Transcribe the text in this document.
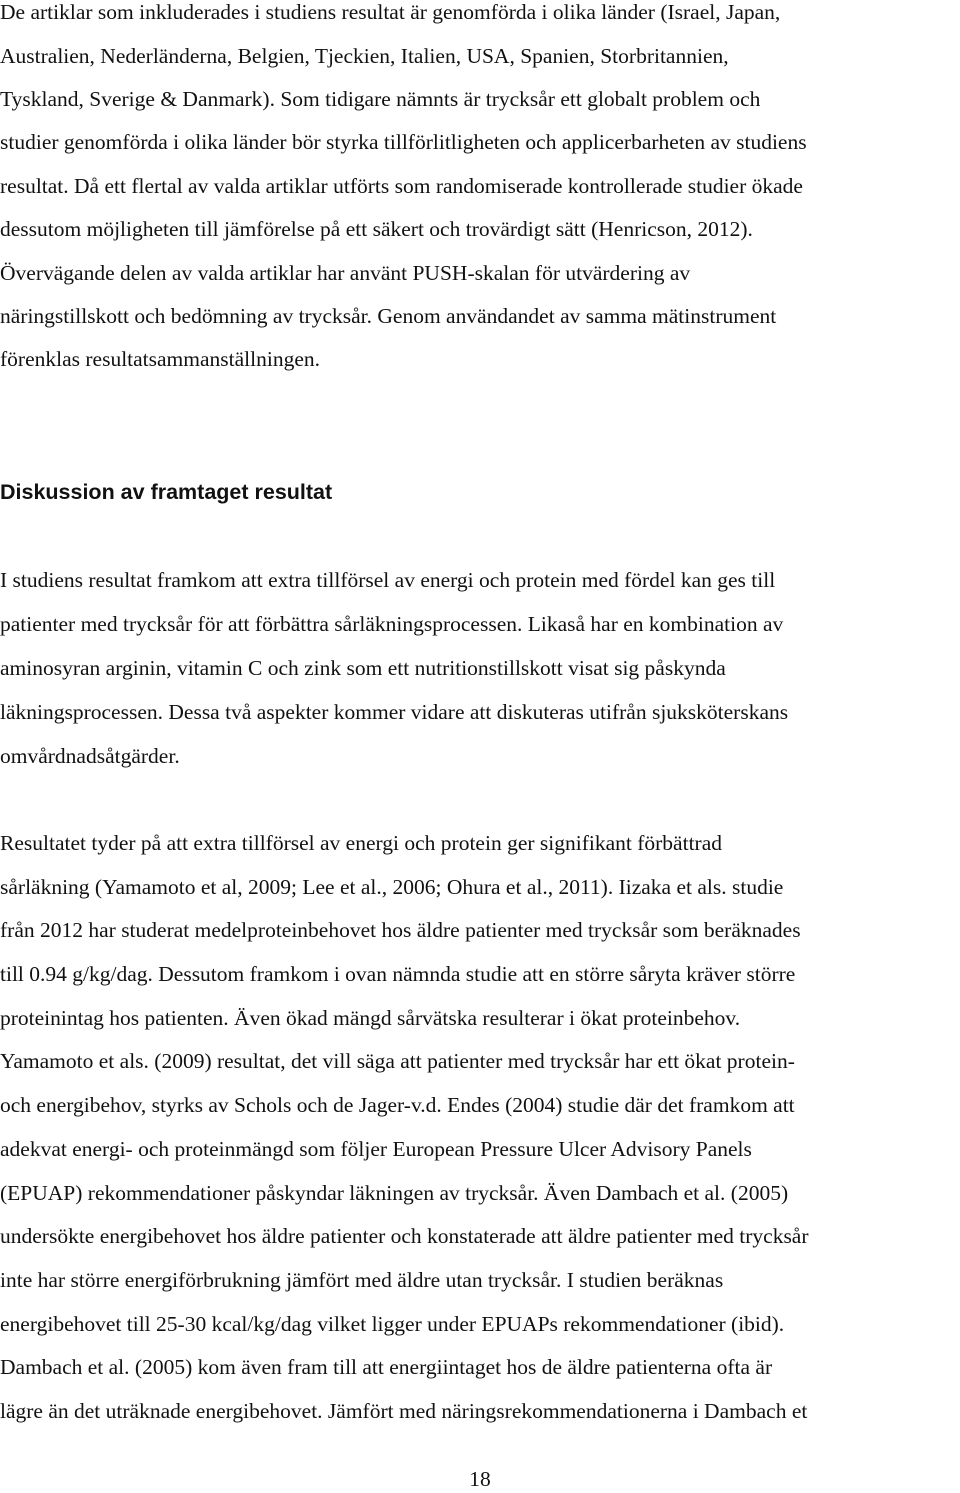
De artiklar som inkluderades i studiens resultat är genomförda i olika länder (Israel, Japan,
Australien, Nederländerna, Belgien, Tjeckien, Italien, USA, Spanien, Storbritannien,
Tyskland, Sverige & Danmark). Som tidigare nämnts är trycksår ett globalt problem och
studier genomförda i olika länder bör styrka tillförlitligheten och applicerbarheten av studiens
resultat. Då ett flertal av valda artiklar utförts som randomiserade kontrollerade studier ökade
dessutom möjligheten till jämförelse på ett säkert och trovärdigt sätt (Henricson, 2012).
Övervägande delen av valda artiklar har använt PUSH-skalan för utvärdering av
näringstillskott och bedömning av trycksår. Genom användandet av samma mätinstrument
förenklas resultatsammanställningen.
Diskussion av framtaget resultat
I studiens resultat framkom att extra tillförsel av energi och protein med fördel kan ges till
patienter med trycksår för att förbättra sårläkningsprocessen. Likaså har en kombination av
aminosyran arginin, vitamin C och zink som ett nutritionstillskott visat sig påskynda
läkningsprocessen. Dessa två aspekter kommer vidare att diskuteras utifrån sjuksköterskans
omvårdnadsåtgärder.
Resultatet tyder på att extra tillförsel av energi och protein ger signifikant förbättrad
sårläkning (Yamamoto et al, 2009; Lee et al., 2006; Ohura et al., 2011). Iizaka et als. studie
från 2012 har studerat medelproteinbehovet hos äldre patienter med trycksår som beräknades
till 0.94 g/kg/dag. Dessutom framkom i ovan nämnda studie att en större såryta kräver större
proteinintag hos patienten. Även ökad mängd sårvätska resulterar i ökat proteinbehov.
Yamamoto et als. (2009) resultat, det vill säga att patienter med trycksår har ett ökat protein-
och energibehov, styrks av Schols och de Jager-v.d. Endes (2004) studie där det framkom att
adekvat energi- och proteinmängd som följer European Pressure Ulcer Advisory Panels
(EPUAP) rekommendationer påskyndar läkningen av trycksår. Även Dambach et al. (2005)
undersökte energibehovet hos äldre patienter och konstaterade att äldre patienter med trycksår
inte har större energiförbrukning jämfört med äldre utan trycksår. I studien beräknas
energibehovet till 25-30 kcal/kg/dag vilket ligger under EPUAPs rekommendationer (ibid).
Dambach et al. (2005) kom även fram till att energiintaget hos de äldre patienterna ofta är
lägre än det uträknade energibehovet. Jämfört med näringsrekommendationerna i Dambach et
18
